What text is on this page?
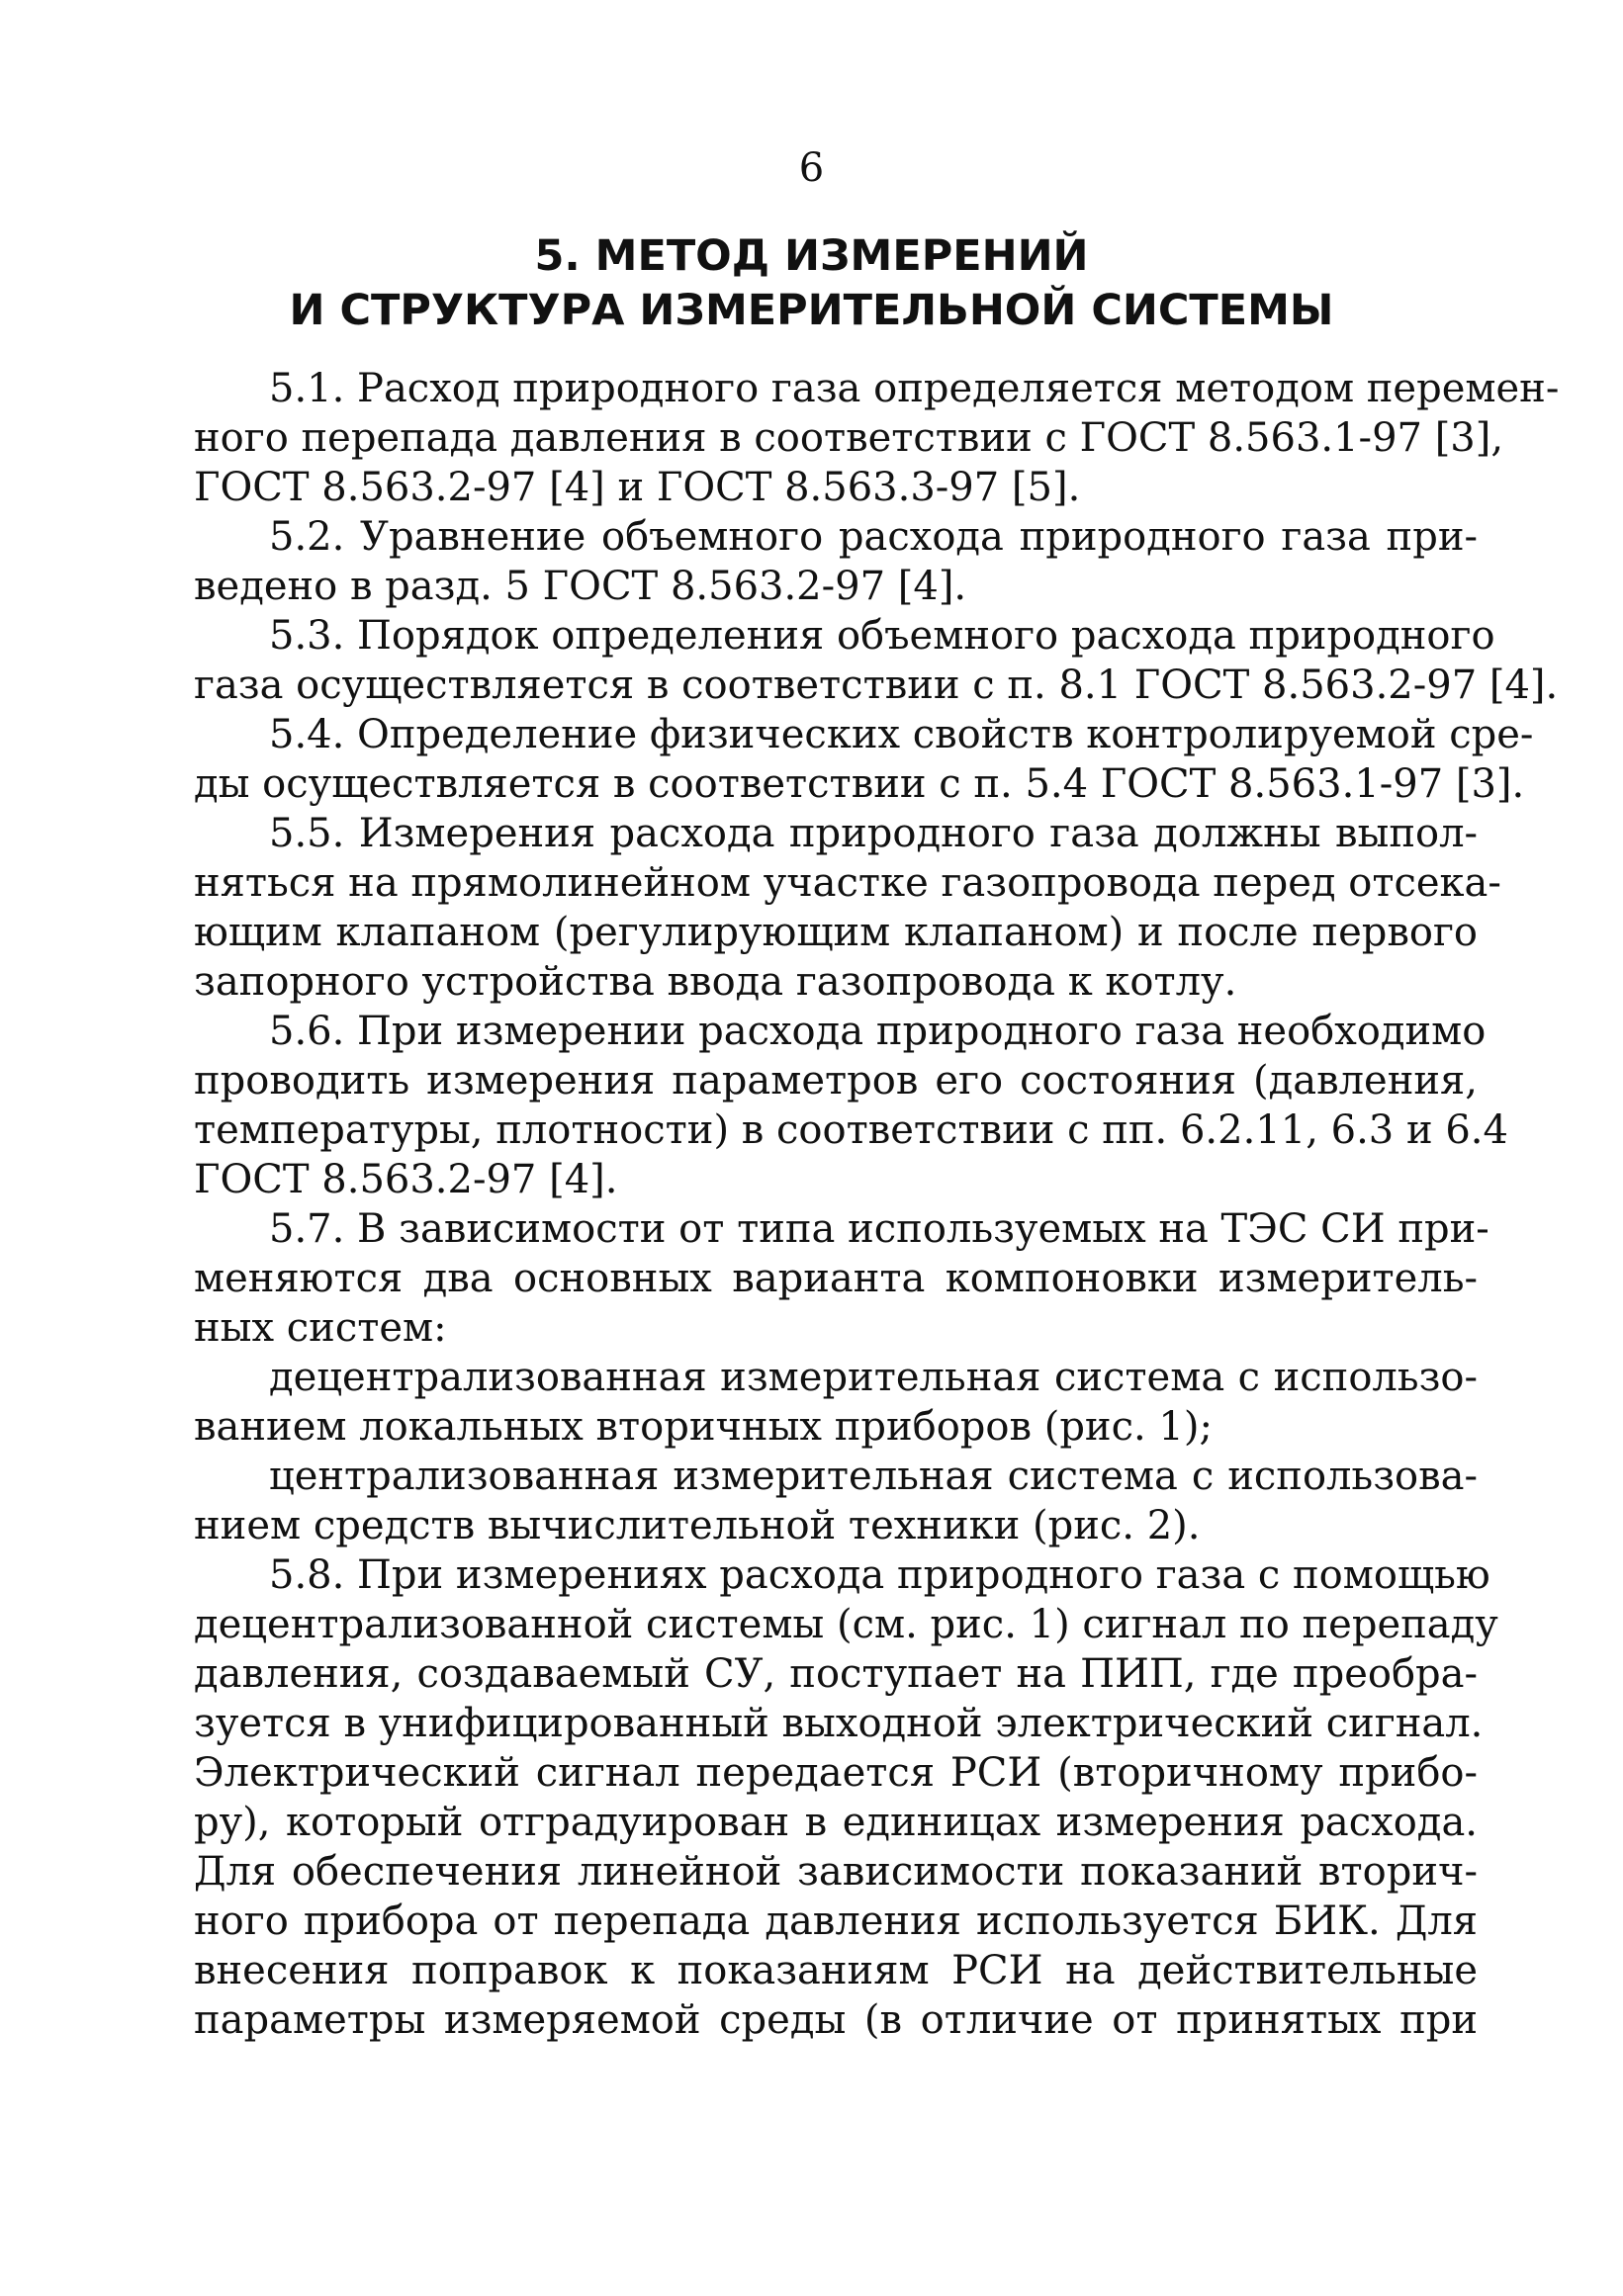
6
5. МЕТОД ИЗМЕРЕНИЙ
И СТРУКТУРА ИЗМЕРИТЕЛЬНОЙ СИСТЕМЫ
5.1. Расход природного газа определяется методом перемен-
ного перепада давления в соответствии с ГОСТ 8.563.1-97 [3],
ГОСТ 8.563.2-97 [4] и ГОСТ 8.563.3-97 [5].
5.2. Уравнение объемного расхода природного газа при-
ведено в разд. 5 ГОСТ 8.563.2-97 [4].
5.3. Порядок определения объемного расхода природного
газа осуществляется в соответствии с п. 8.1 ГОСТ 8.563.2-97 [4].
5.4. Определение физических свойств контролируемой сре-
ды осуществляется в соответствии с п. 5.4 ГОСТ 8.563.1-97 [3].
5.5. Измерения расхода природного газа должны выпол-
няться на прямолинейном участке газопровода перед отсека-
ющим клапаном (регулирующим клапаном) и после первого
запорного устройства ввода газопровода к котлу.
5.6. При измерении расхода природного газа необходимо
проводить измерения параметров его состояния (давления,
температуры, плотности) в соответствии с пп. 6.2.11, 6.3 и 6.4
ГОСТ 8.563.2-97 [4].
5.7. В зависимости от типа используемых на ТЭС СИ при-
меняются два основных варианта компоновки измеритель-
ных систем:
децентрализованная измерительная система с использо-
ванием локальных вторичных приборов (рис. 1);
централизованная измерительная система с использова-
нием средств вычислительной техники (рис. 2).
5.8. При измерениях расхода природного газа с помощью
децентрализованной системы (см. рис. 1) сигнал по перепаду
давления, создаваемый СУ, поступает на ПИП, где преобра-
зуется в унифицированный выходной электрический сигнал.
Электрический сигнал передается РСИ (вторичному прибо-
ру), который отградуирован в единицах измерения расхода.
Для обеспечения линейной зависимости показаний вторич-
ного прибора от перепада давления используется БИК. Для
внесения поправок к показаниям РСИ на действительные
параметры измеряемой среды (в отличие от принятых при
